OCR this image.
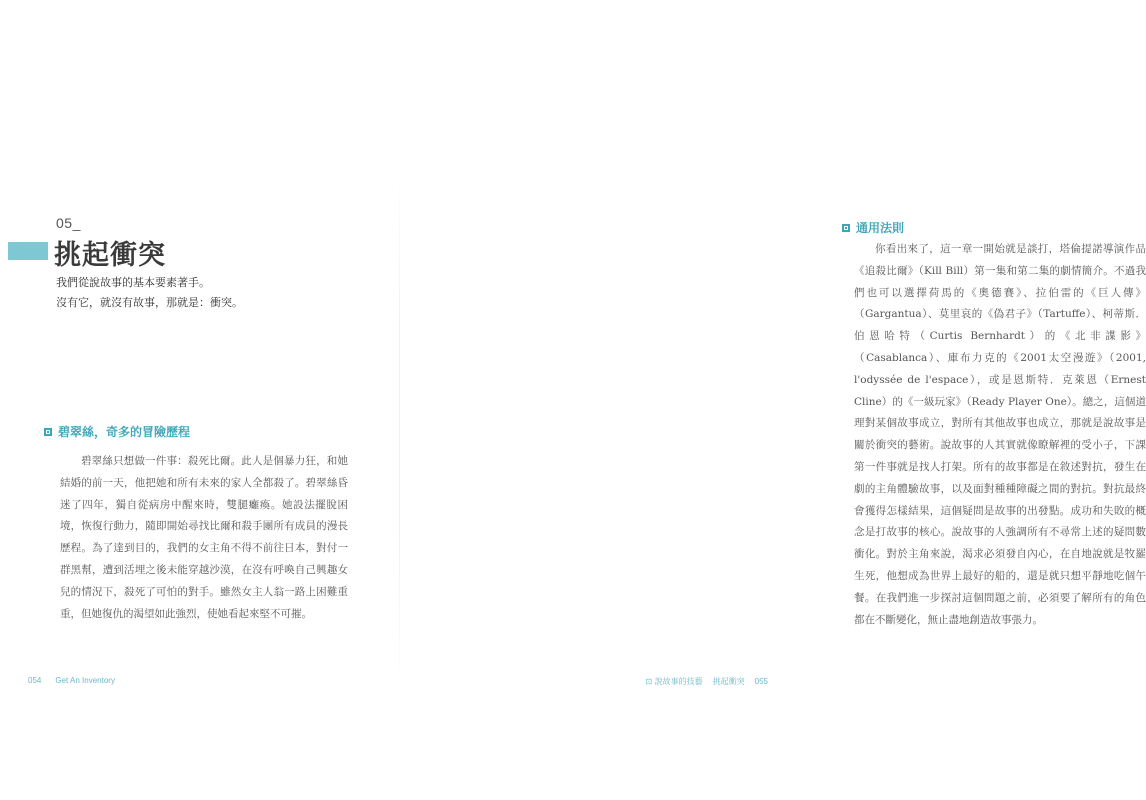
05_
挑起衝突
我們從說故事的基本要素著手。
沒有它，就沒有故事，那就是：衝突。
碧翠絲，奇多的冒險歷程
碧翠絲只想做一件事：殺死比爾。此人是個暴力狂，和她結婚的前一天，他把她和所有未來的家人全都殺了。碧翠絲昏迷了四年，獨自從病房中醒來時，雙腿癱瘓。她設法擺脫困境，恢復行動力，隨即開始尋找比爾和殺手團所有成員的漫長歷程。為了達到目的，我們的女主角不得不前往日本，對付一群黑幫，遭到活埋之後未能穿越沙漠，在沒有呼喚自己興趣女兒的情況下，殺死了可怕的對手。雖然女主人翁一路上困難重重，但她復仇的渴望如此強烈，使她看起來堅不可摧。
054 Get An Inventory
通用法則
你看出來了，這一章一開始就是談打，塔倫提諾導演作品《追殺比爾》（Kill Bill）第一集和第二集的劇情簡介。不過我們也可以選擇荷馬的《奧德賽》、拉伯雷的《巨人傳》（Gargantua）、莫里哀的《偽君子》（Tartuffe）、柯蒂斯．伯恩哈特（Curtis Bernhardt）的《北非諜影》（Casablanca）、庫布力克的《2001太空漫遊》（2001, l'odyssée de l'espace），或是恩斯特．克萊恩（Ernest Cline）的《一級玩家》（Ready Player One）。總之，這個道理對某個故事成立，對所有其他故事也成立，那就是說故事是關於衝突的藝術。說故事的人其實就像瞭解裡的受小子，下課第一件事就是找人打架。所有的故事都是在敘述對抗，發生在劇的主角體驗故事，以及面對種種障礙之間的對抗。對抗最終會獲得怎樣結果，這個疑問是故事的出發點。成功和失敗的概念是打故事的核心。說故事的人強調所有不尋常上述的疑問數衝化。對於主角來說，渴求必須發自內心，在自地說就是牧羅生死，他想成為世界上最好的船的，還是就只想平靜地吃個午餐。在我們進一步探討這個問題之前，必須要了解所有的角色都在不斷變化，無止盡地創造故事張力。
⊡ 說故事的技藝 挑起衝突 055
